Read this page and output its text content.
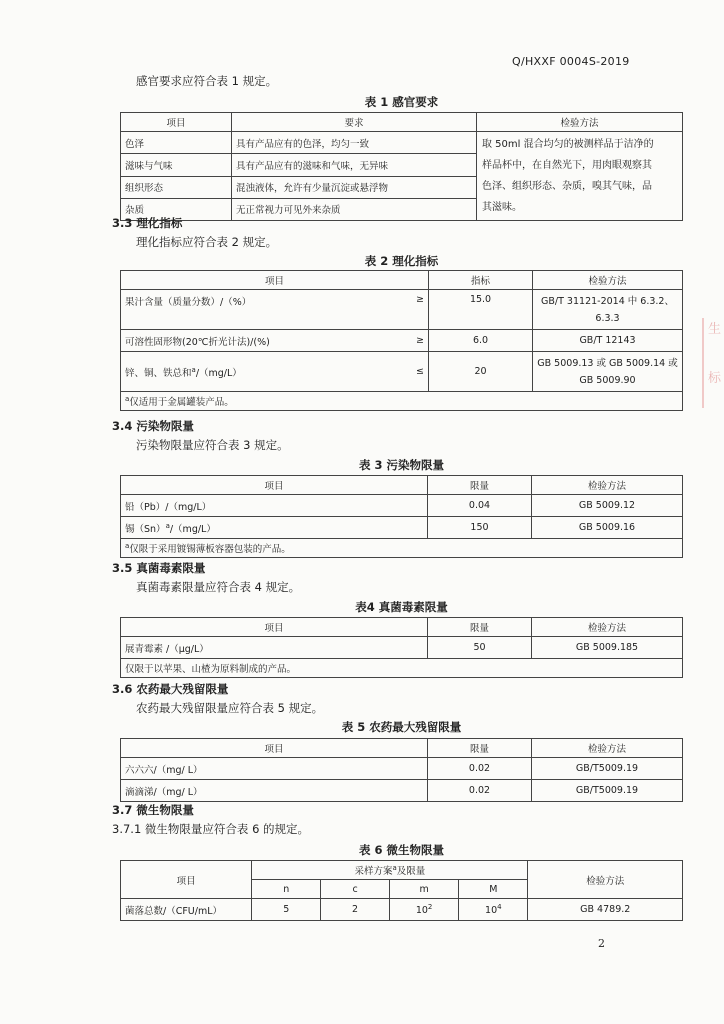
Q/HXXF 0004S-2019
生
标
感官要求应符合表 1 规定。
表 1 感官要求
项目	要求	检验方法
色泽	具有产品应有的色泽，均匀一致	取 50ml 混合均匀的被测样品于洁净的
样品杯中，在自然光下，用肉眼观察其
色泽、组织形态、杂质，嗅其气味，品
其滋味。

滋味与气味	具有产品应有的滋味和气味，无异味	
组织形态	混浊液体，允许有少量沉淀或悬浮物	
杂质	无正常视力可见外来杂质	
3.3 理化指标
理化指标应符合表 2 规定。
表 2 理化指标
项目		指标	检验方法
果汁含量（质量分数）/（%）	≥	15.0	GB/T 31121-2014 中 6.3.2、
6.3.3

可溶性固形物(20℃折光计法)/(%)	≥	6.0	GB/T 12143
锌、铜、铁总和$^a$/（mg/L）	≤	20	GB 5009.13 或 GB 5009.14 或
GB 5009.90

$^a$仅适用于金属罐装产品。			
3.4 污染物限量
污染物限量应符合表 3 规定。
表 3 污染物限量
项目	限量	检验方法
铅（Pb）/（mg/L）	0.04	GB 5009.12
锡$(Sn)^a/(mg/L)$	150	GB 5009.16
$^a$仅限于采用镀锡薄板容器包装的产品。		
3.5 真菌毒素限量
真菌毒素限量应符合表 4 规定。
表4 真菌毒素限量
项目	限量	检验方法
展青霉素 /（μg/L）	50	GB 5009.185
仅限于以苹果、山楂为原料制成的产品。		
3.6 农药最大残留限量
农药最大残留限量应符合表 5 规定。
表 5 农药最大残留限量
项目	限量	检验方法
六六六/（mg/ L）	0.02	GB/T5009.19
滴滴涕/（mg/ L）	0.02	GB/T5009.19
3.7 微生物限量
3.7.1 微生物限量应符合表 6 的规定。
表 6 微生物限量
项目	采样方案$^a$及限量				检验方法
	n	c	m	M	
菌落总数/（CFU/mL）	5	2	$10^2$	$10^4$	GB 4789.2
2
